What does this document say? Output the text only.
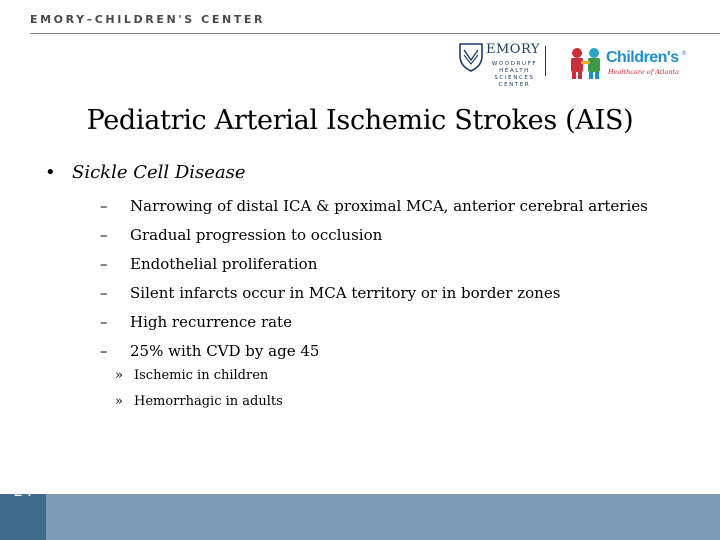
EMORY–CHILDREN'S CENTER
EMORY
WOODRUFF HEALTH SCIENCES CENTER
Children's ®
Healthcare of Atlanta
Pediatric Arterial Ischemic Strokes (AIS)
• Sickle Cell Disease
– Narrowing of distal ICA & proximal MCA, anterior cerebral arteries
– Gradual progression to occlusion
– Endothelial proliferation
– Silent infarcts occur in MCA territory or in border zones
– High recurrence rate
– 25% with CVD by age 45
» Ischemic in children
» Hemorrhagic in adults
24
